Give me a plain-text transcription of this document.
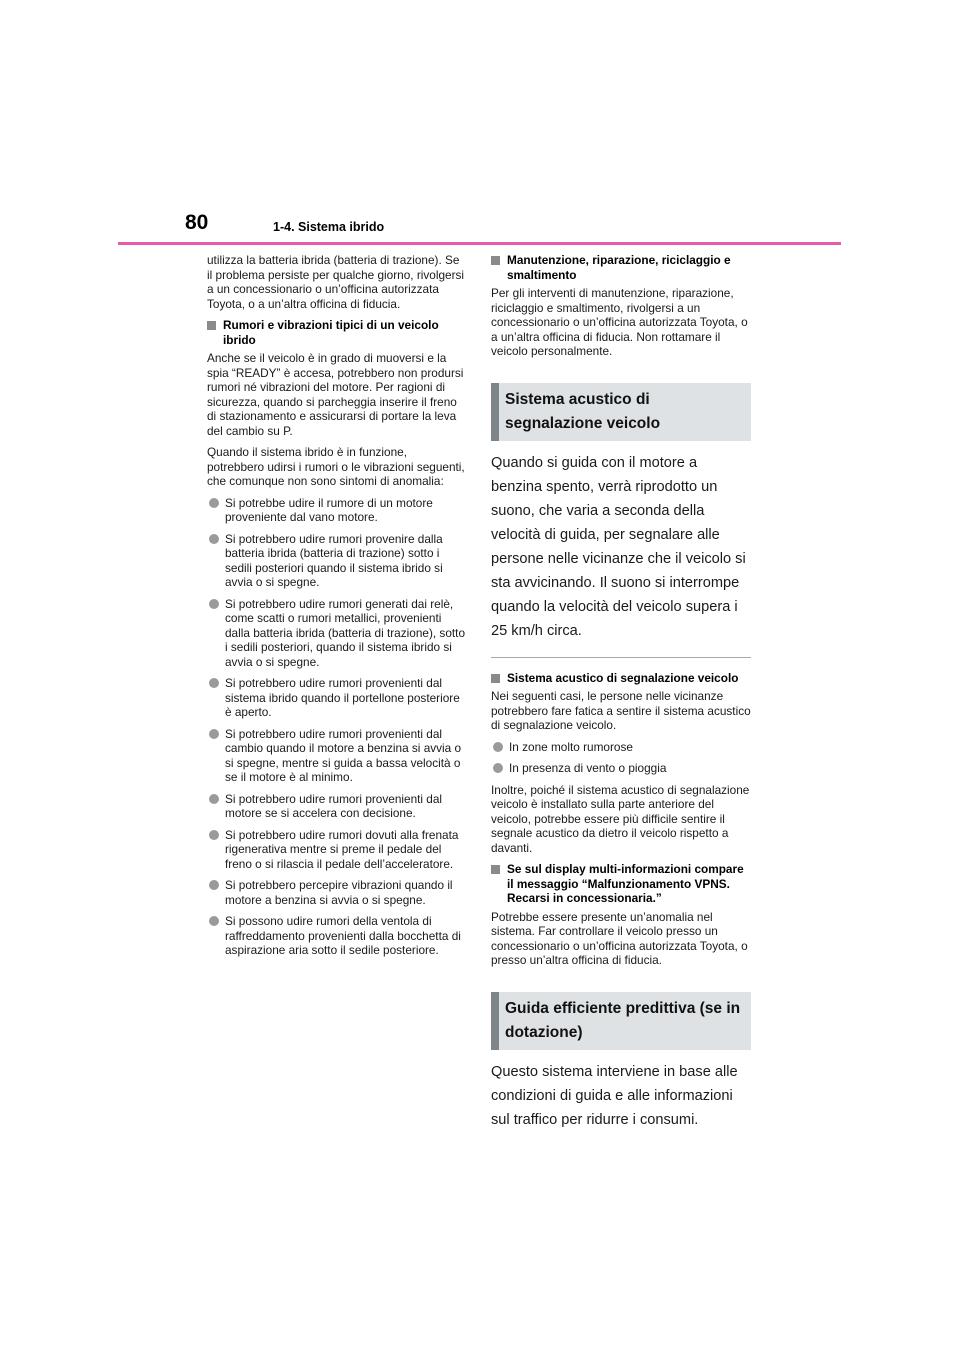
80	1-4. Sistema ibrido

utilizza la batteria ibrida (batteria di trazione). Se il problema persiste per qualche giorno, rivolgersi a un concessionario o un’officina autorizzata Toyota, o a un’altra officina di fiducia.

Rumori e vibrazioni tipici di un veicolo ibrido

Anche se il veicolo è in grado di muoversi e la spia “READY” è accesa, potrebbero non prodursi rumori né vibrazioni del motore. Per ragioni di sicurezza, quando si parcheggia inserire il freno di stazionamento e assicurarsi di portare la leva del cambio su P.

Quando il sistema ibrido è in funzione, potrebbero udirsi i rumori o le vibrazioni seguenti, che comunque non sono sintomi di anomalia:

Si potrebbe udire il rumore di un motore proveniente dal vano motore.
Si potrebbero udire rumori provenire dalla batteria ibrida (batteria di trazione) sotto i sedili posteriori quando il sistema ibrido si avvia o si spegne.
Si potrebbero udire rumori generati dai relè, come scatti o rumori metallici, provenienti dalla batteria ibrida (batteria di trazione), sotto i sedili posteriori, quando il sistema ibrido si avvia o si spegne.
Si potrebbero udire rumori provenienti dal sistema ibrido quando il portellone posteriore è aperto.
Si potrebbero udire rumori provenienti dal cambio quando il motore a benzina si avvia o si spegne, mentre si guida a bassa velocità o se il motore è al minimo.
Si potrebbero udire rumori provenienti dal motore se si accelera con decisione.
Si potrebbero udire rumori dovuti alla frenata rigenerativa mentre si preme il pedale del freno o si rilascia il pedale dell’acceleratore.
Si potrebbero percepire vibrazioni quando il motore a benzina si avvia o si spegne.
Si possono udire rumori della ventola di raffreddamento provenienti dalla bocchetta di aspirazione aria sotto il sedile posteriore.
Manutenzione, riparazione, riciclaggio e smaltimento

Per gli interventi di manutenzione, riparazione, riciclaggio e smaltimento, rivolgersi a un concessionario o un’officina autorizzata Toyota, o a un’altra officina di fiducia. Non rottamare il veicolo personalmente.

Sistema acustico di segnalazione veicolo

Quando si guida con il motore a benzina spento, verrà riprodotto un suono, che varia a seconda della velocità di guida, per segnalare alle persone nelle vicinanze che il veicolo si sta avvicinando. Il suono si interrompe quando la velocità del veicolo supera i 25 km/h circa.

Sistema acustico di segnalazione veicolo

Nei seguenti casi, le persone nelle vicinanze potrebbero fare fatica a sentire il sistema acustico di segnalazione veicolo.

In zone molto rumorose
In presenza di vento o pioggia

Inoltre, poiché il sistema acustico di segnalazione veicolo è installato sulla parte anteriore del veicolo, potrebbe essere più difficile sentire il segnale acustico da dietro il veicolo rispetto a davanti.

Se sul display multi-informazioni compare il messaggio “Malfunzionamento VPNS. Recarsi in concessionaria.”

Potrebbe essere presente un’anomalia nel sistema. Far controllare il veicolo presso un concessionario o un’officina autorizzata Toyota, o presso un’altra officina di fiducia.

Guida efficiente predittiva (se in dotazione)

Questo sistema interviene in base alle condizioni di guida e alle informazioni sul traffico per ridurre i consumi.
